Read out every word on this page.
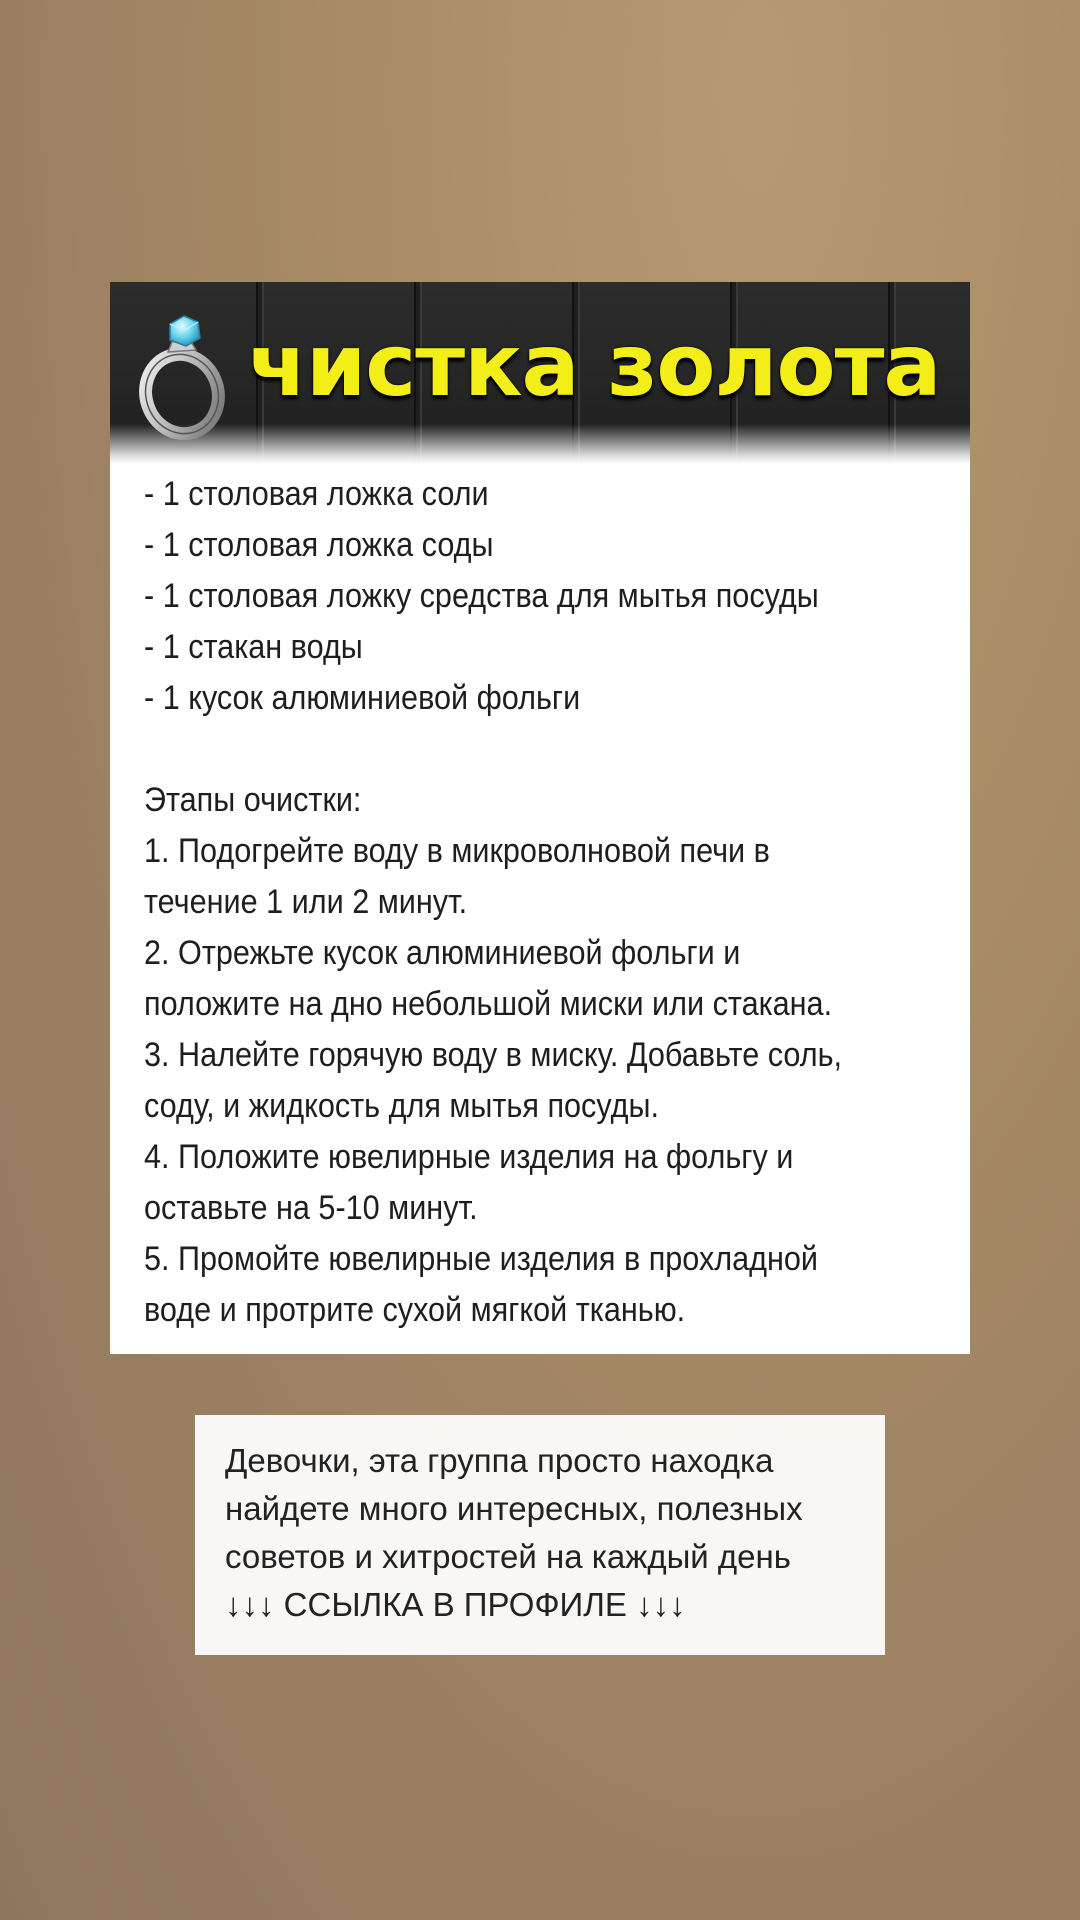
чистка золота
- 1 столовая ложка соли
- 1 столовая ложка соды
- 1 столовая ложку средства для мытья посуды
- 1 стакан воды
- 1 кусок алюминиевой фольги
Этапы очистки:
1. Подогрейте воду в микроволновой печи в
течение 1 или 2 минут.
2. Отрежьте кусок алюминиевой фольги и
положите на дно небольшой миски или стакана.
3. Налейте горячую воду в миску. Добавьте соль,
соду, и жидкость для мытья посуды.
4. Положите ювелирные изделия на фольгу и
оставьте на 5-10 минут.
5. Промойте ювелирные изделия в прохладной
воде и протрите сухой мягкой тканью.
Девочки, эта группа просто находка
найдете много интересных, полезных
советов и хитростей на каждый день
↓↓↓ ССЫЛКА В ПРОФИЛЕ ↓↓↓
